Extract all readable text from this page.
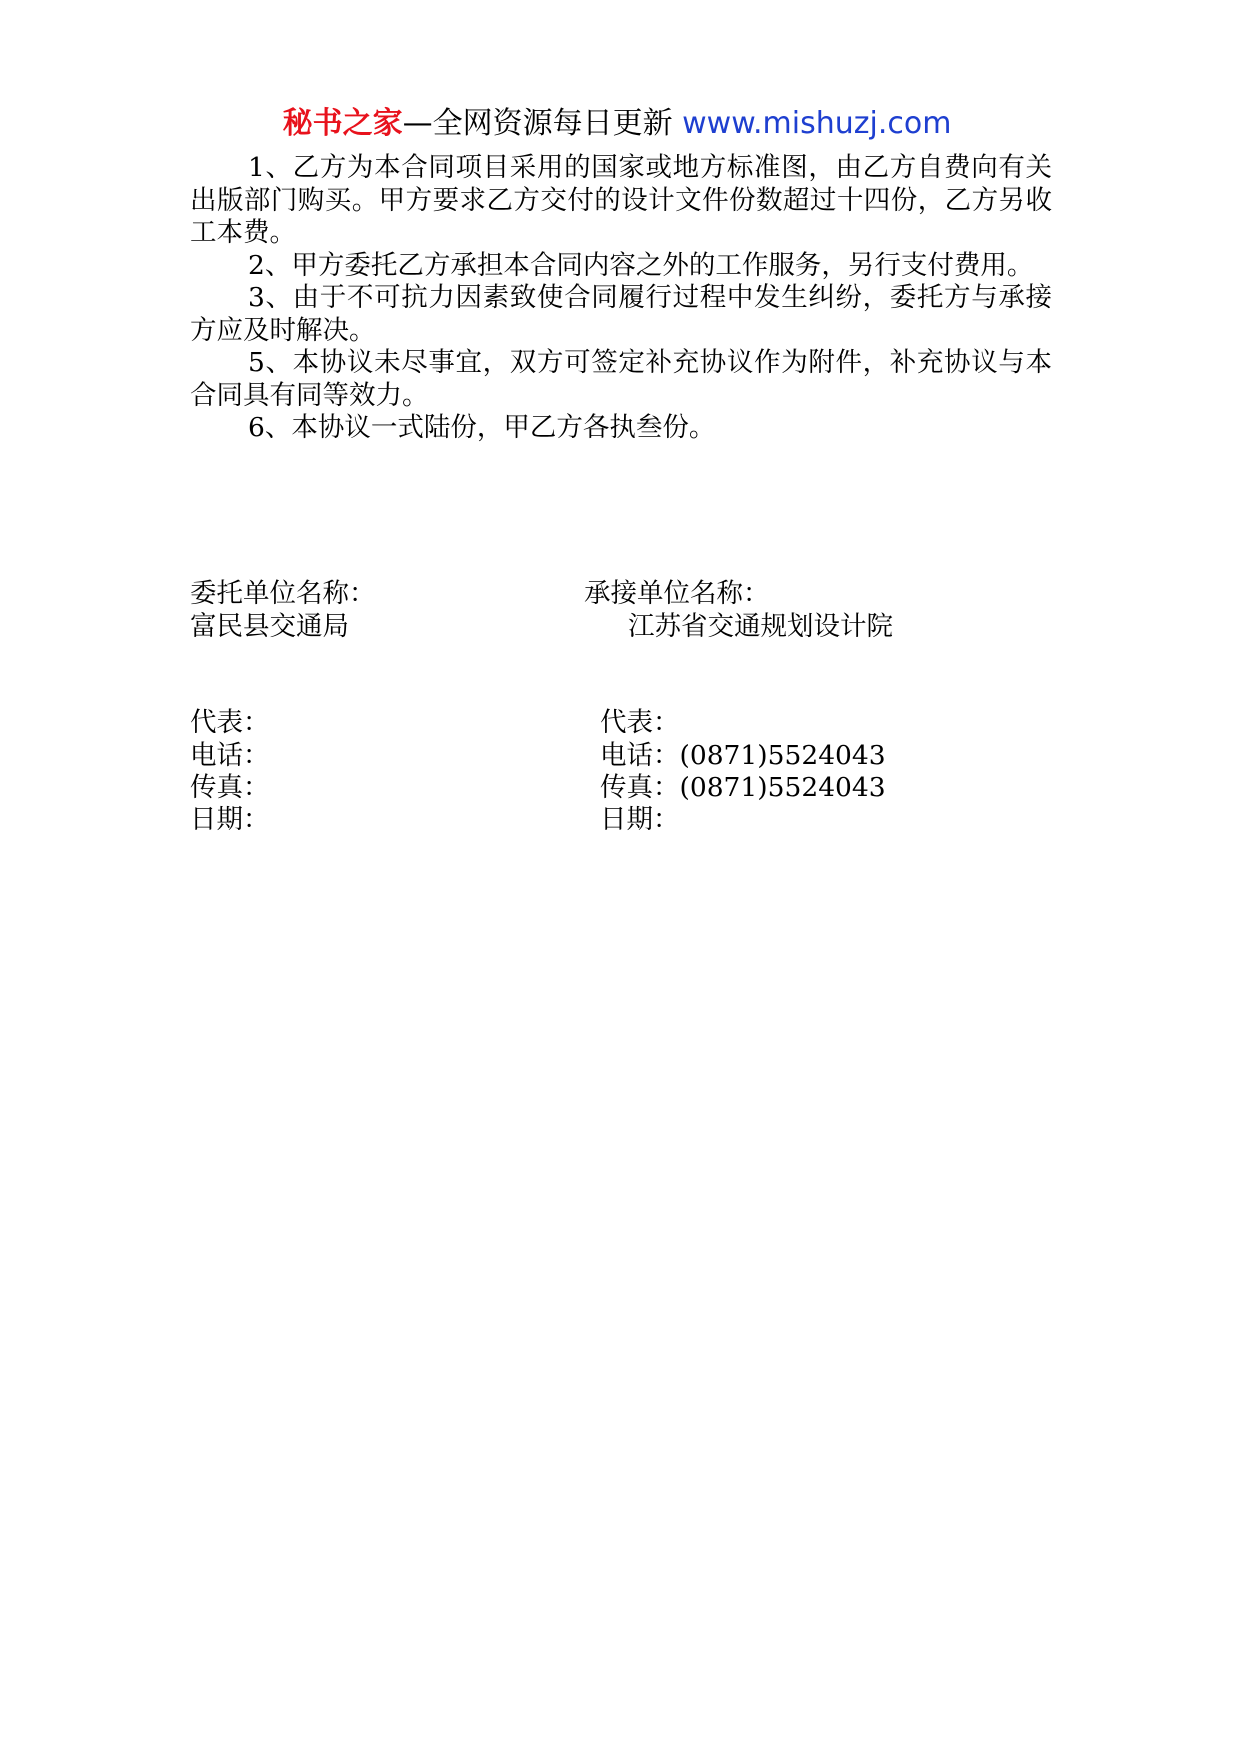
秘书之家—全网资源每日更新 www.mishuzj.com

1、乙方为本合同项目采用的国家或地方标准图，由乙方自费向有关出版部门购买。甲方要求乙方交付的设计文件份数超过十四份，乙方另收工本费。

2、甲方委托乙方承担本合同内容之外的工作服务，另行支付费用。

3、由于不可抗力因素致使合同履行过程中发生纠纷，委托方与承接方应及时解决。

5、本协议未尽事宜，双方可签定补充协议作为附件，补充协议与本合同具有同等效力。

6、本协议一式陆份，甲乙方各执叁份。

委托单位名称：	承接单位名称：
富民县交通局	江苏省交通规划设计院
代表：	代表：
电话：	电话：(0871)5524043
传真：	传真：(0871)5524043
日期：	日期：
